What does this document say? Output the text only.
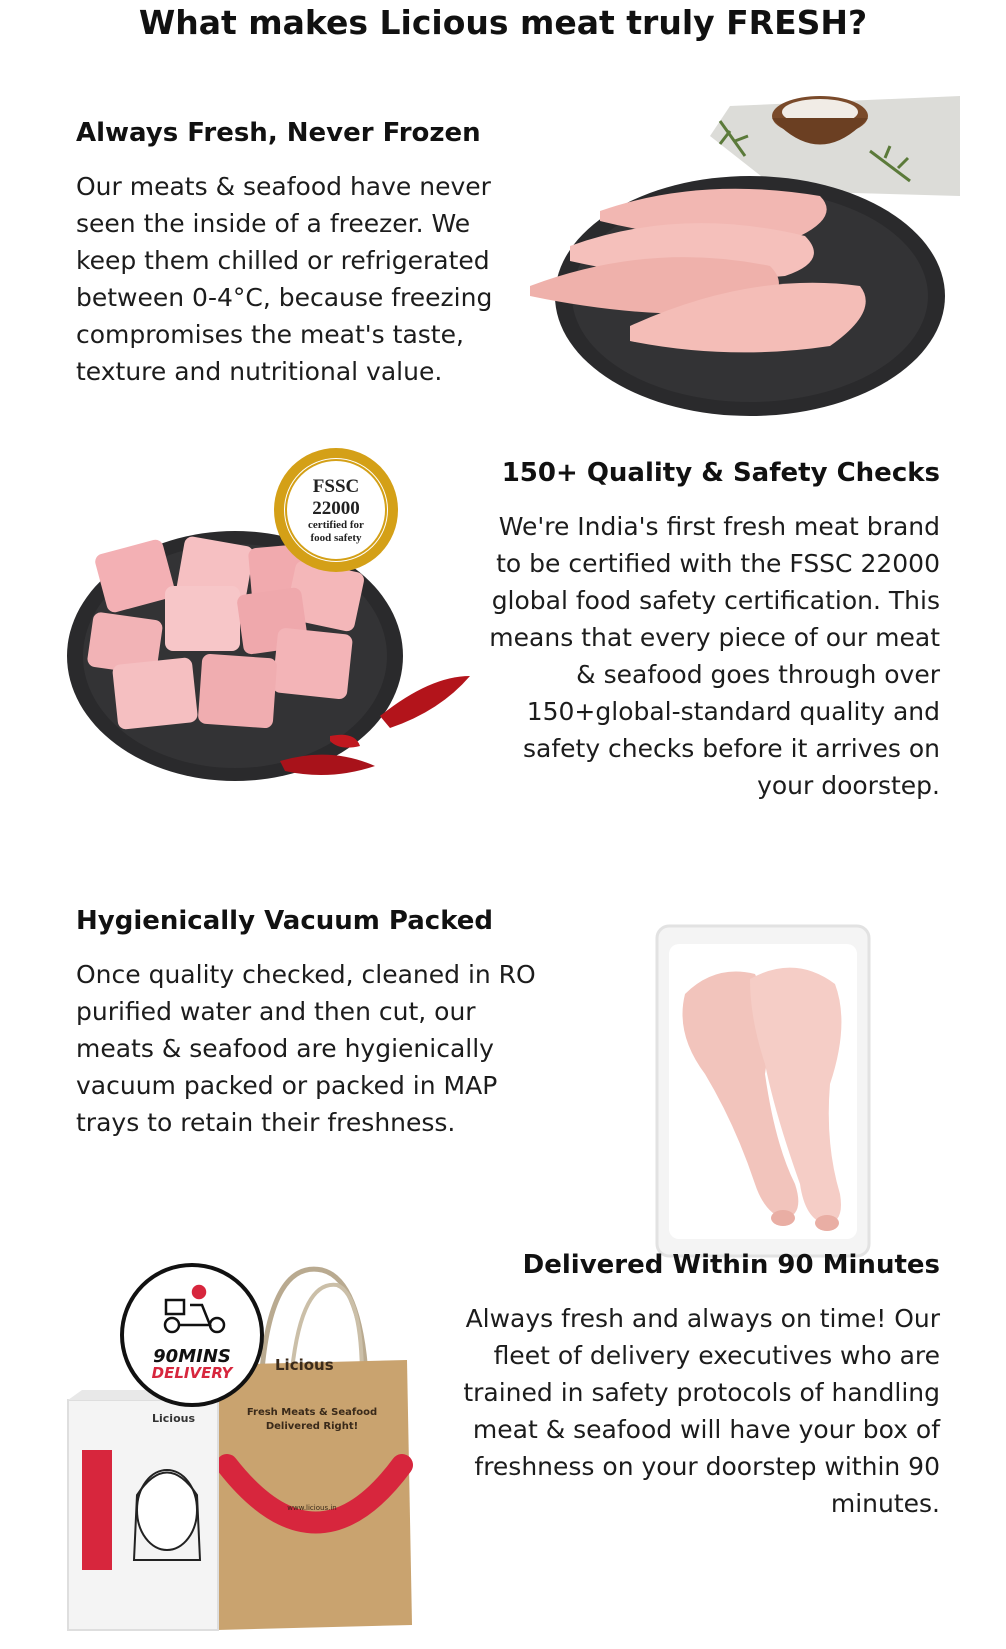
What makes Licious meat truly FRESH?
Always Fresh, Never Frozen

Our meats & seafood have never seen the inside of a freezer. We keep them chilled or refrigerated between 0-4°C, because freezing compromises the meat's taste, texture and nutritional value.

FSSC
22000
certified for
food safety
150+ Quality & Safety Checks

We're India's first fresh meat brand to be certified with the FSSC 22000 global food safety certification. This means that every piece of our meat & seafood goes through over 150+global-standard quality and safety checks before it arrives on your doorstep.

Hygienically Vacuum Packed

Once quality checked, cleaned in RO purified water and then cut, our meats & seafood are hygienically vacuum packed or packed in MAP trays to retain their freshness.

Licious
Fresh Meats & Seafood
Delivered Right!
www.licious.in
Licious
90MINS
DELIVERY
Delivered Within 90 Minutes

Always fresh and always on time! Our fleet of delivery executives who are trained in safety protocols of handling meat & seafood will have your box of freshness on your doorstep within 90 minutes.
